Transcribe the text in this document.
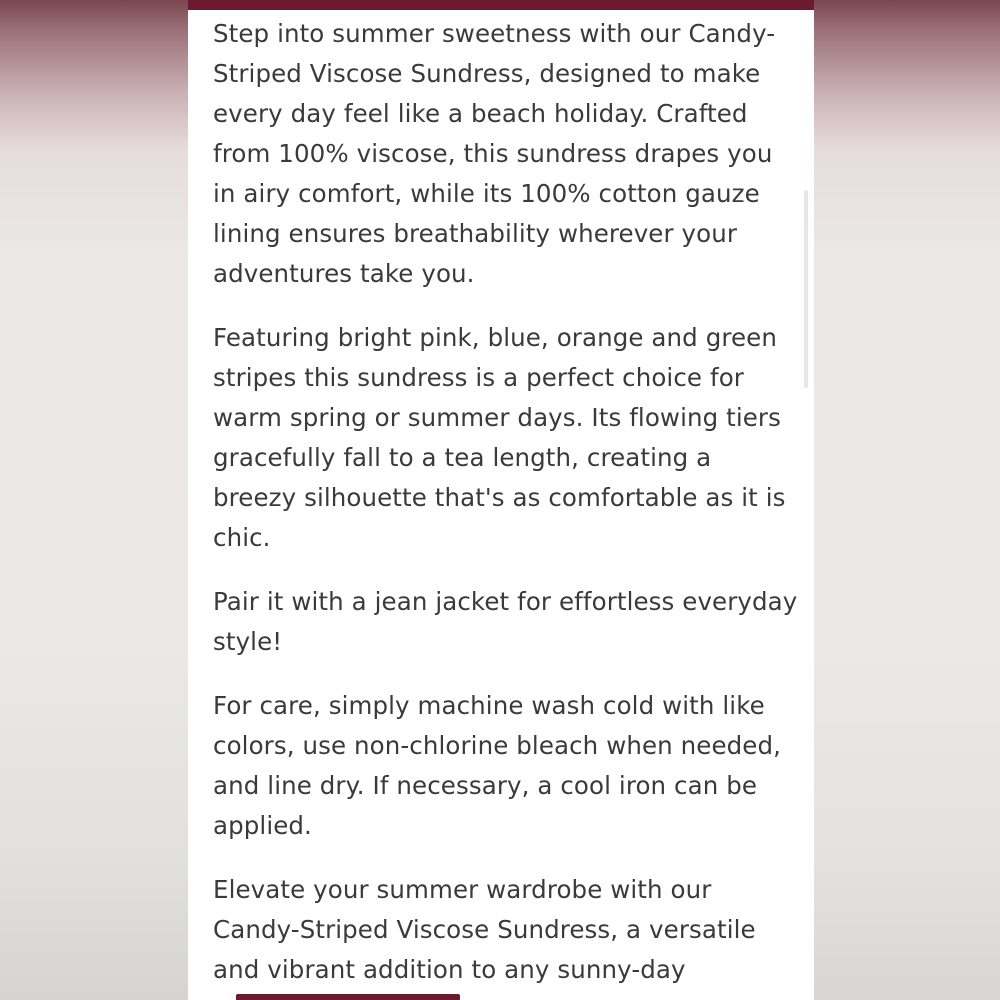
Step into summer sweetness with our Candy-Striped Viscose Sundress, designed to make every day feel like a beach holiday. Crafted from 100% viscose, this sundress drapes you in airy comfort, while its 100% cotton gauze lining ensures breathability wherever your adventures take you.

Featuring bright pink, blue, orange and green stripes this sundress is a perfect choice for warm spring or summer days. Its flowing tiers gracefully fall to a tea length, creating a breezy silhouette that's as comfortable as it is chic.

Pair it with a jean jacket for effortless everyday style!

For care, simply machine wash cold with like colors, use non-chlorine bleach when needed, and line dry. If necessary, a cool iron can be applied.

Elevate your summer wardrobe with our Candy-Striped Viscose Sundress, a versatile and vibrant addition to any sunny-day
